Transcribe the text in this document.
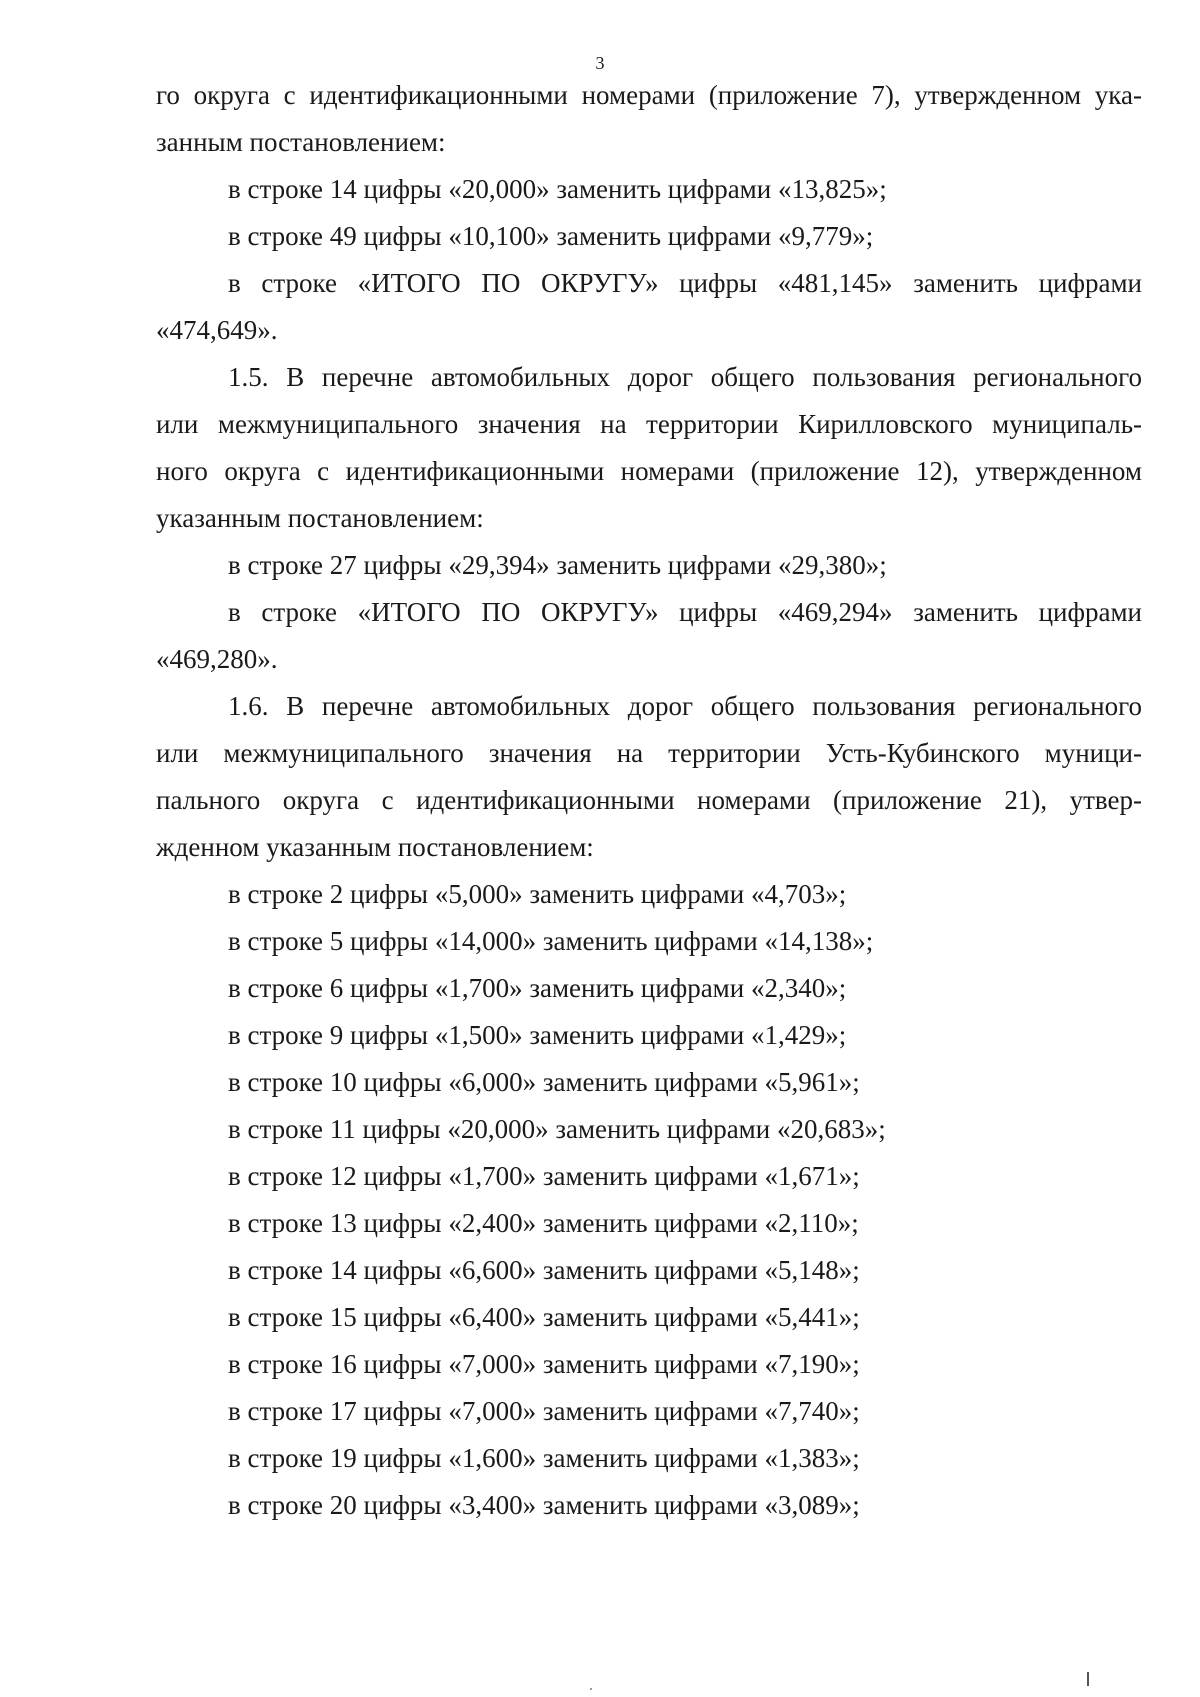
3
го округа с идентификационными номерами (приложение 7), утвержденном ука-
занным постановлением:
в строке 14 цифры «20,000» заменить цифрами «13,825»;
в строке 49 цифры «10,100» заменить цифрами «9,779»;
в строке «ИТОГО ПО ОКРУГУ» цифры «481,145» заменить цифрами
«474,649».
1.5. В перечне автомобильных дорог общего пользования регионального
или межмуниципального значения на территории Кирилловского муниципаль-
ного округа с идентификационными номерами (приложение 12), утвержденном
указанным постановлением:
в строке 27 цифры «29,394» заменить цифрами «29,380»;
в строке «ИТОГО ПО ОКРУГУ» цифры «469,294» заменить цифрами
«469,280».
1.6. В перечне автомобильных дорог общего пользования регионального
или межмуниципального значения на территории Усть-Кубинского муници-
пального округа с идентификационными номерами (приложение 21), утвер-
жденном указанным постановлением:
в строке 2 цифры «5,000» заменить цифрами «4,703»;
в строке 5 цифры «14,000» заменить цифрами «14,138»;
в строке 6 цифры «1,700» заменить цифрами «2,340»;
в строке 9 цифры «1,500» заменить цифрами «1,429»;
в строке 10 цифры «6,000» заменить цифрами «5,961»;
в строке 11 цифры «20,000» заменить цифрами «20,683»;
в строке 12 цифры «1,700» заменить цифрами «1,671»;
в строке 13 цифры «2,400» заменить цифрами «2,110»;
в строке 14 цифры «6,600» заменить цифрами «5,148»;
в строке 15 цифры «6,400» заменить цифрами «5,441»;
в строке 16 цифры «7,000» заменить цифрами «7,190»;
в строке 17 цифры «7,000» заменить цифрами «7,740»;
в строке 19 цифры «1,600» заменить цифрами «1,383»;
в строке 20 цифры «3,400» заменить цифрами «3,089»;
